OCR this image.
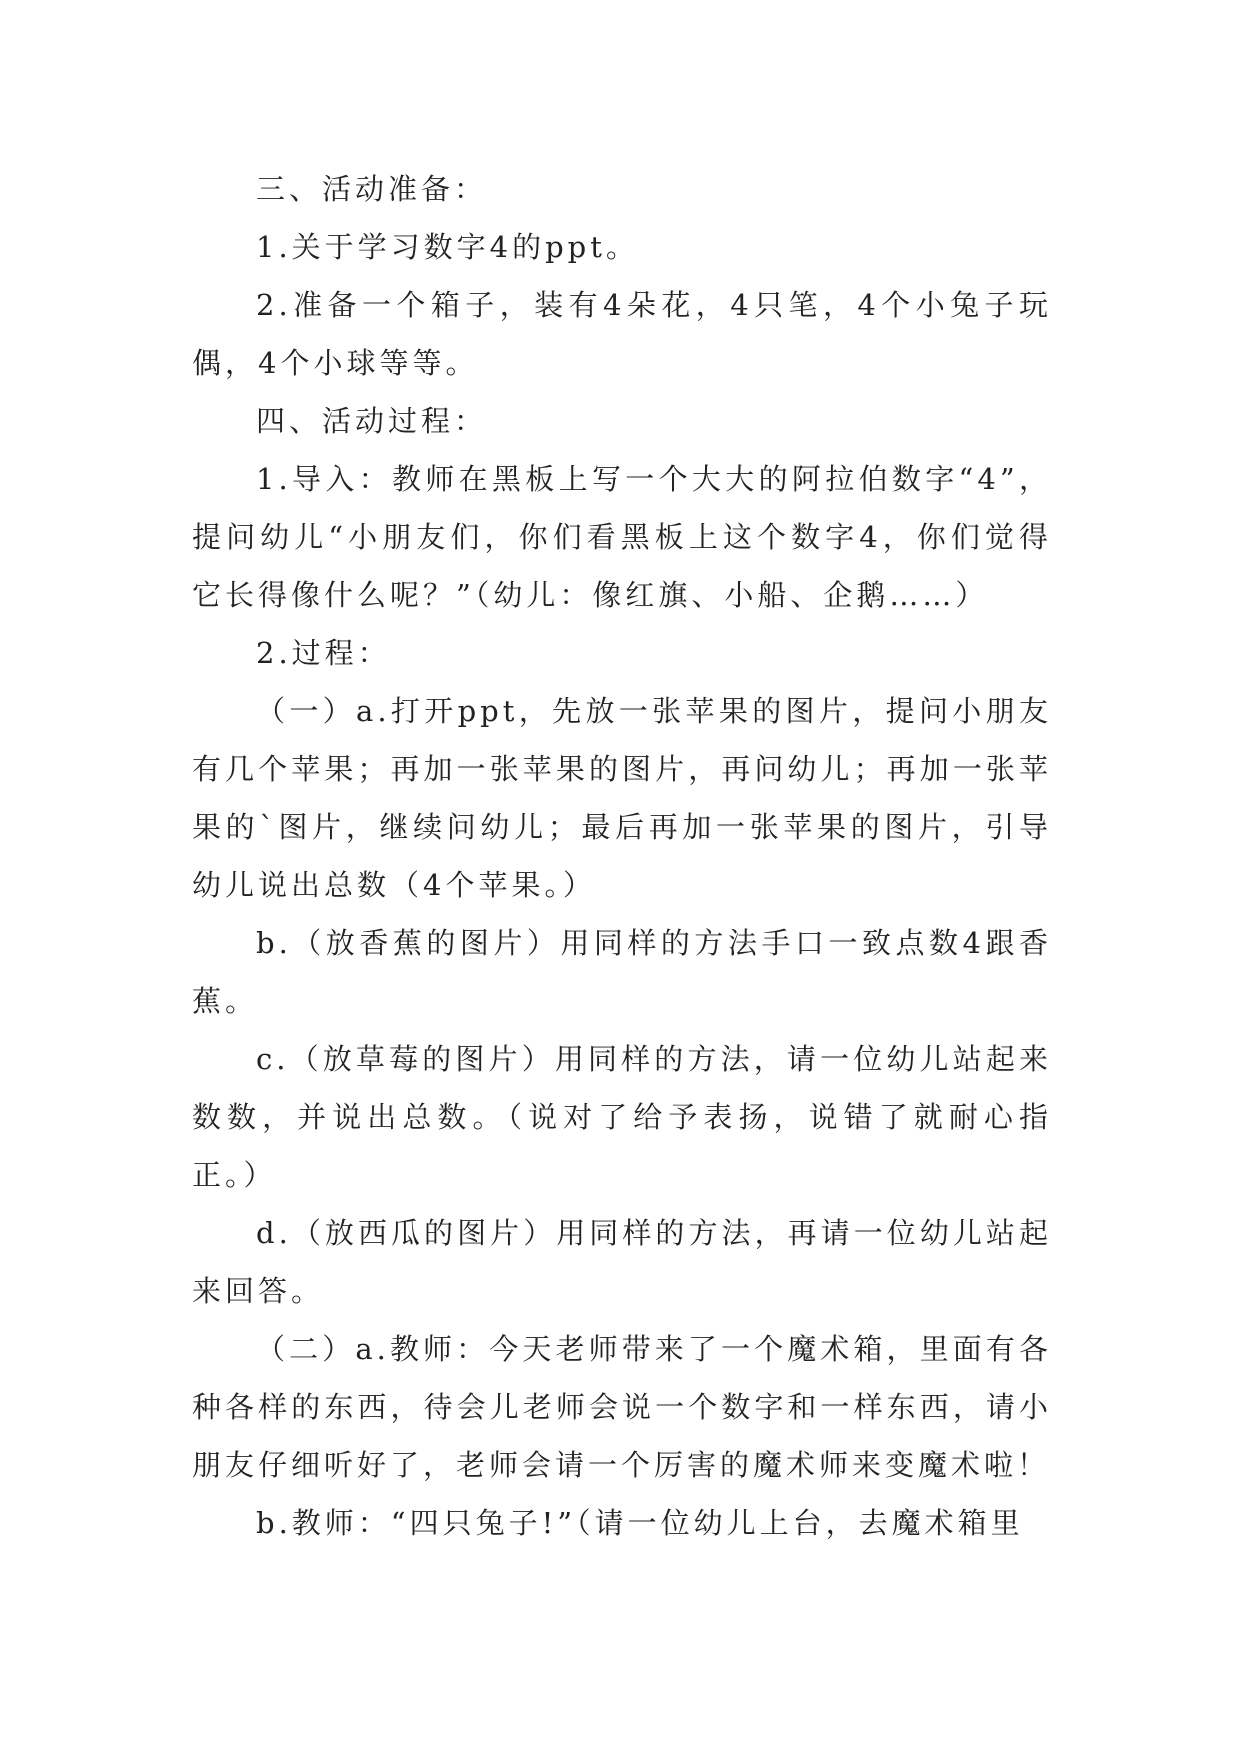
三、活动准备：

1.关于学习数字4的ppt。

2.准备一个箱子，装有4朵花，4只笔，4个小兔子玩偶，4个小球等等。

四、活动过程：

1.导入：教师在黑板上写一个大大的阿拉伯数字“4”，提问幼儿“小朋友们，你们看黑板上这个数字4，你们觉得它长得像什么呢？”（幼儿：像红旗、小船、企鹅……）

2.过程：

（一）a.打开ppt，先放一张苹果的图片，提问小朋友有几个苹果；再加一张苹果的图片，再问幼儿；再加一张苹果的`图片，继续问幼儿；最后再加一张苹果的图片，引导幼儿说出总数（4个苹果。）

b.（放香蕉的图片）用同样的方法手口一致点数4跟香蕉。

c.（放草莓的图片）用同样的方法，请一位幼儿站起来数数，并说出总数。（说对了给予表扬，说错了就耐心指正。）

d.（放西瓜的图片）用同样的方法，再请一位幼儿站起来回答。

（二）a.教师：今天老师带来了一个魔术箱，里面有各种各样的东西，待会儿老师会说一个数字和一样东西，请小朋友仔细听好了，老师会请一个厉害的魔术师来变魔术啦！

b.教师：“四只兔子!”（请一位幼儿上台，去魔术箱里
